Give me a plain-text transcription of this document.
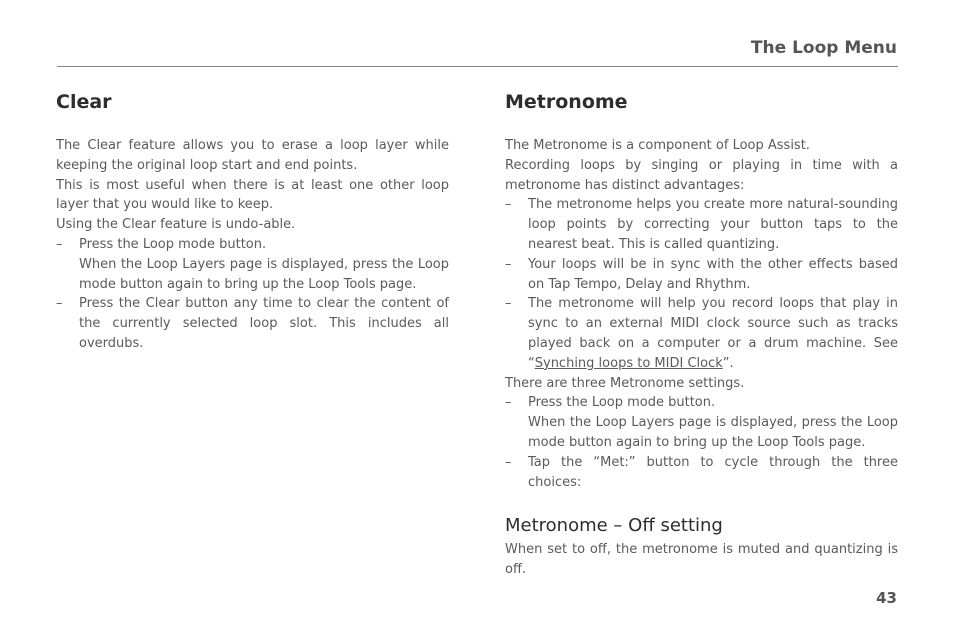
The Loop Menu
Clear

The Clear feature allows you to erase a loop layer while keeping the original loop start and end points.

This is most useful when there is at least one other loop layer that you would like to keep.

Using the Clear feature is undo-able.

– Press the Loop mode button.

When the Loop Layers page is displayed, press the Loop mode button again to bring up the Loop Tools page.

– Press the Clear button any time to clear the content of the currently selected loop slot. This includes all overdubs.

Metronome

The Metronome is a component of Loop Assist.

Recording loops by singing or playing in time with a metronome has distinct advantages:

– The metronome helps you create more natural-sounding loop points by correcting your button taps to the nearest beat. This is called quantizing.

– Your loops will be in sync with the other effects based on Tap Tempo, Delay and Rhythm.

– The metronome will help you record loops that play in sync to an external MIDI clock source such as tracks played back on a computer or a drum machine. See “Synching loops to MIDI Clock”.

There are three Metronome settings.

– Press the Loop mode button.

When the Loop Layers page is displayed, press the Loop mode button again to bring up the Loop Tools page.

– Tap the “Met:” button to cycle through the three choices:

Metronome – Off setting

When set to off, the metronome is muted and quantizing is off.

43
